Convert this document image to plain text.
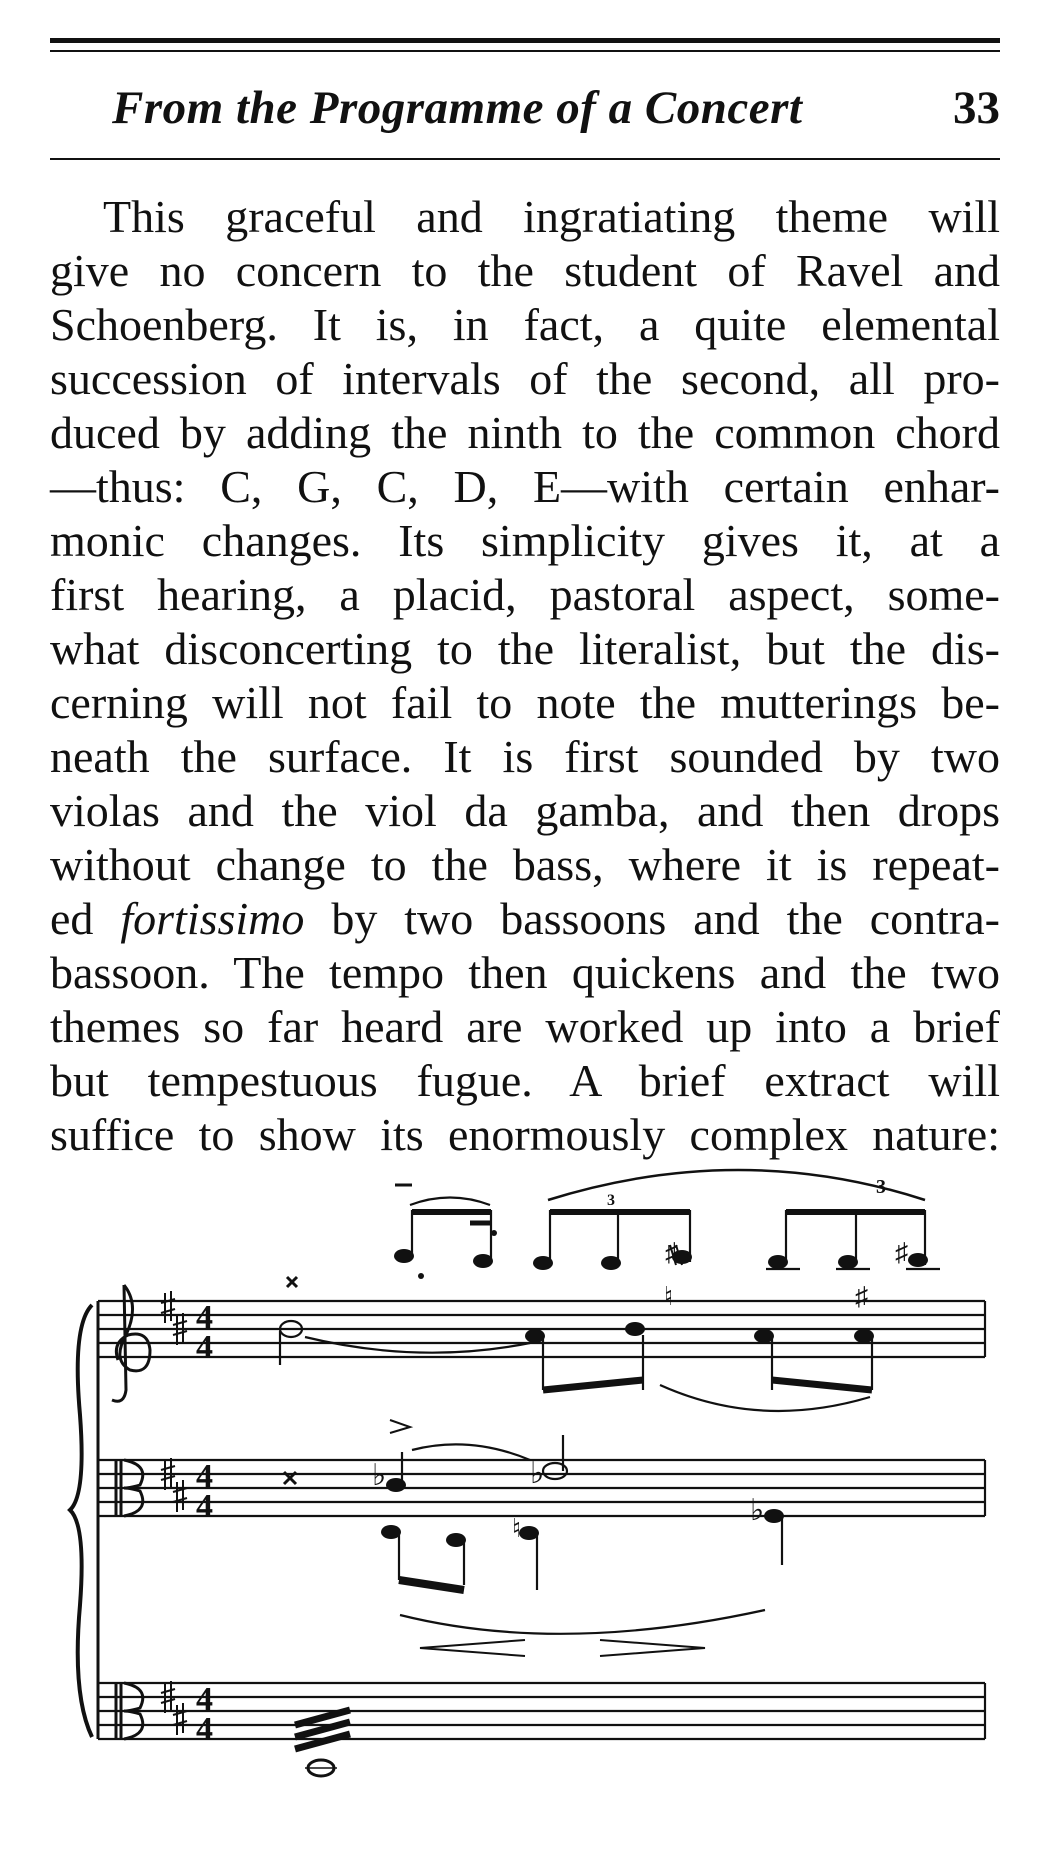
From the Programme of a Concert	33
This graceful and ingratiating theme will
give no concern to the student of Ravel and
Schoenberg. It is, in fact, a quite elemental
succession of intervals of the second, all pro-
duced by adding the ninth to the common chord
—thus: C, G, C, D, E—with certain enhar-
monic changes. Its simplicity gives it, at a
first hearing, a placid, pastoral aspect, some-
what disconcerting to the literalist, but the dis-
cerning will not fail to note the mutterings be-
neath the surface. It is first sounded by two
violas and the viol da gamba, and then drops
without change to the bass, where it is repeat-
ed fortissimo by two bassoons and the contra-
bassoon. The tempo then quickens and the two
themes so far heard are worked up into a brief
but tempestuous fugue. A brief extract will
suffice to show its enormously complex nature:
3
3
4
4
4
4
4
4
♮	♯
♯	♯
♭	♭
♮
♭
